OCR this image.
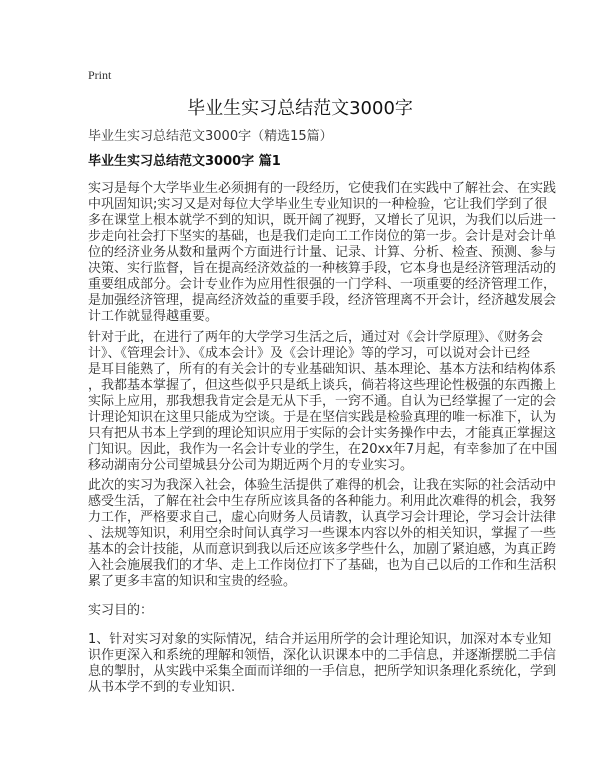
Print
毕业生实习总结范文3000字
毕业生实习总结范文3000字（精选15篇）
毕业生实习总结范文3000字 篇1
实习是每个大学毕业生必须拥有的一段经历，它使我们在实践中了解社会、在实践
中巩固知识;实习又是对每位大学毕业生专业知识的一种检验，它让我们学到了很
多在课堂上根本就学不到的知识，既开阔了视野，又增长了见识，为我们以后进一
步走向社会打下坚实的基础，也是我们走向工工作岗位的第一步。会计是对会计单
位的经济业务从数和量两个方面进行计量、记录、计算、分析、检查、预测、参与
决策、实行监督，旨在提高经济效益的一种核算手段，它本身也是经济管理活动的
重要组成部分。会计专业作为应用性很强的一门学科、一项重要的经济管理工作，
是加强经济管理，提高经济效益的重要手段，经济管理离不开会计，经济越发展会
计工作就显得越重要。
针对于此，在进行了两年的大学学习生活之后，通过对《会计学原理》、《财务会
计》、《管理会计》、《成本会计》及《会计理论》等的学习，可以说对会计已经
是耳目能熟了，所有的有关会计的专业基础知识、基本理论、基本方法和结构体系
，我都基本掌握了，但这些似乎只是纸上谈兵，倘若将这些理论性极强的东西搬上
实际上应用，那我想我肯定会是无从下手，一窍不通。自认为已经掌握了一定的会
计理论知识在这里只能成为空谈。于是在坚信实践是检验真理的唯一标准下，认为
只有把从书本上学到的理论知识应用于实际的会计实务操作中去，才能真正掌握这
门知识。因此，我作为一名会计专业的学生，在20xx年7月起，有幸参加了在中国
移动湖南分公司望城县分公司为期近两个月的专业实习。
此次的实习为我深入社会，体验生活提供了难得的机会，让我在实际的社会活动中
感受生活，了解在社会中生存所应该具备的各种能力。利用此次难得的机会，我努
力工作，严格要求自己，虚心向财务人员请教，认真学习会计理论，学习会计法律
、法规等知识，利用空余时间认真学习一些课本内容以外的相关知识，掌握了一些
基本的会计技能，从而意识到我以后还应该多学些什么，加剧了紧迫感，为真正跨
入社会施展我们的才华、走上工作岗位打下了基础，也为自己以后的工作和生活积
累了更多丰富的知识和宝贵的经验。
实习目的：
1、针对实习对象的实际情况，结合并运用所学的会计理论知识，加深对本专业知
识作更深入和系统的理解和领悟，深化认识课本中的二手信息，并逐渐摆脱二手信
息的掣肘，从实践中采集全面而详细的一手信息，把所学知识条理化系统化，学到
从书本学不到的专业知识.
